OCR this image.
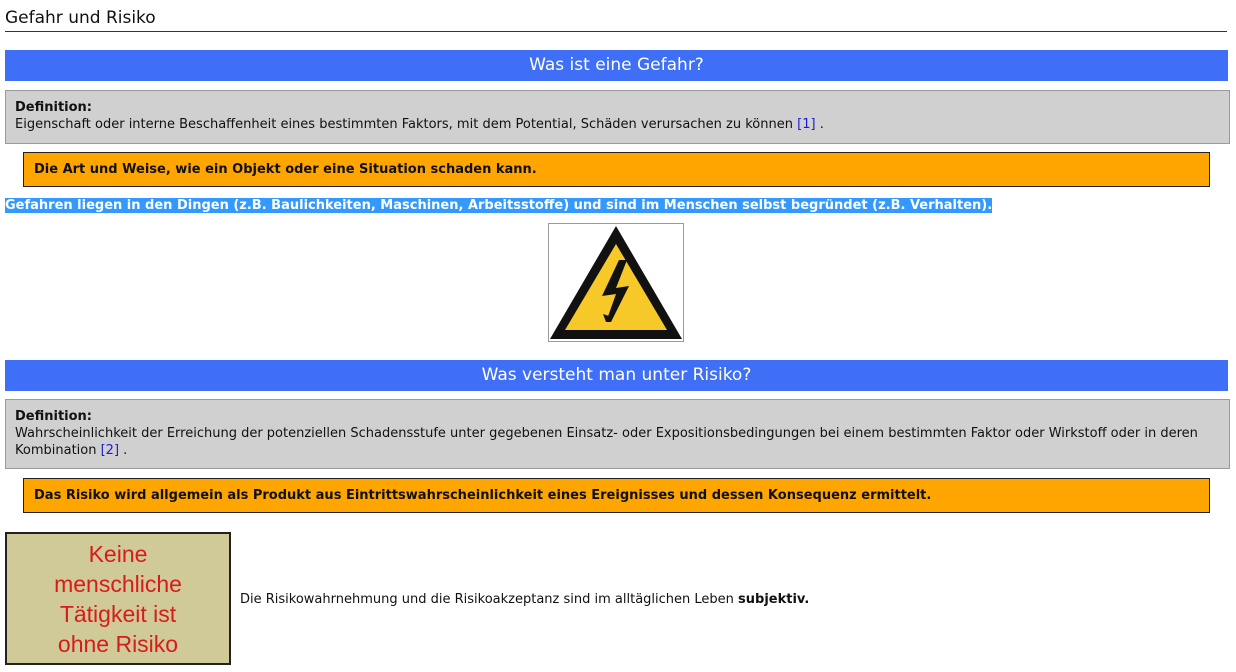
Gefahr und Risiko
Was ist eine Gefahr?
Definition:
Eigenschaft oder interne Beschaffenheit eines bestimmten Faktors, mit dem Potential, Schäden verursachen zu können [1] .
Die Art und Weise, wie ein Objekt oder eine Situation schaden kann.
Gefahren liegen in den Dingen (z.B. Baulichkeiten, Maschinen, Arbeitsstoffe) und sind im Menschen selbst begründet (z.B. Verhalten).
Was versteht man unter Risiko?
Definition:
Wahrscheinlichkeit der Erreichung der potenziellen Schadensstufe unter gegebenen Einsatz- oder Expositionsbedingungen bei einem bestimmten Faktor oder Wirkstoff oder in deren Kombination [2] .
Das Risiko wird allgemein als Produkt aus Eintrittswahrscheinlichkeit eines Ereignisses und dessen Konsequenz ermittelt.
Keine menschliche Tätigkeit ist ohne Risiko
Die Risikowahrnehmung und die Risikoakzeptanz sind im alltäglichen Leben subjektiv.
